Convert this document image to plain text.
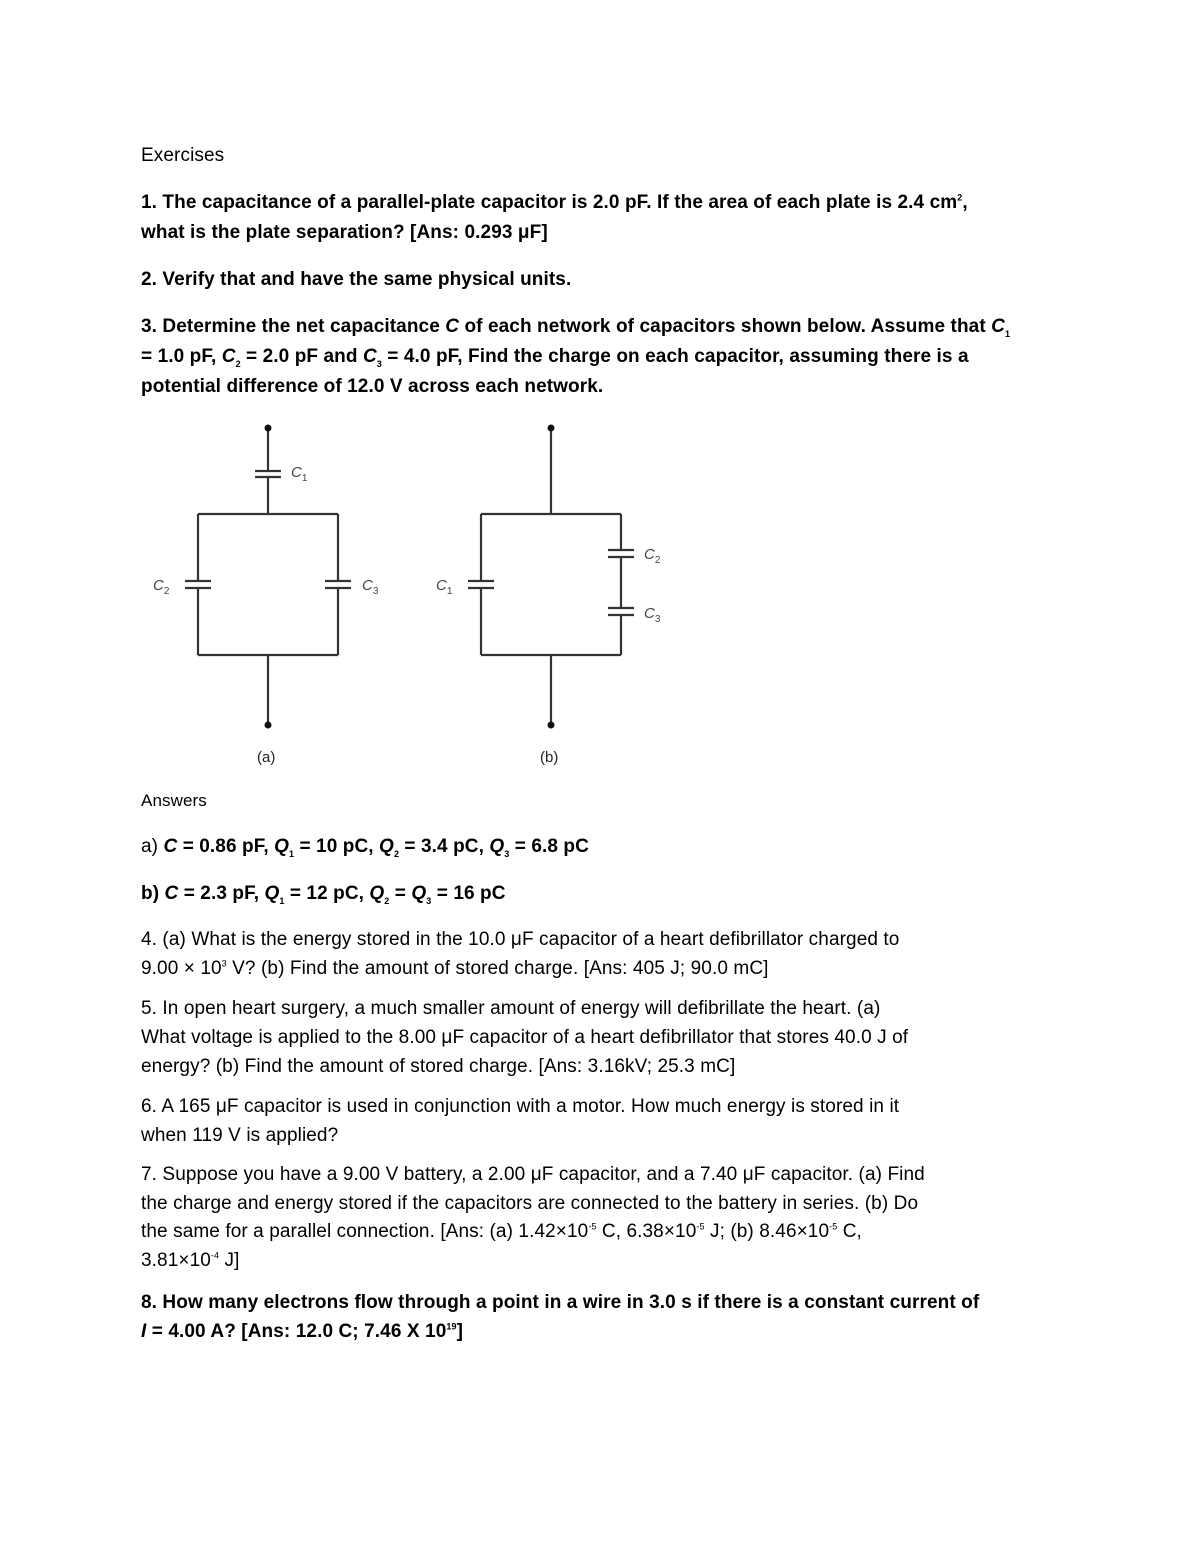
Exercises
1. The capacitance of a parallel-plate capacitor is 2.0 pF. If the area of each plate is 2.4 $cm^2$,
what is the plate separation? [Ans: 0.293 μF]
2. Verify that and have the same physical units.
3. Determine the net capacitance C of each network of capacitors shown below. Assume that $C_1$
= 1.0 pF, $C_2 = 2.0$ pF and $C_3 = 4.0$ pF, Find the charge on each capacitor, assuming there is a
potential difference of 12.0 V across each network.
$C_1$
$C_2$	$C_3$
(a)
$C_1$
$C_2$
$C_3$
(b)
Answers
a) C = 0.86 pF, $Q_1 = 10$ pC, $Q_2 = 3.4$ pC, $Q_3 = 6.8$ pC
b) C = 2.3 pF, $Q_1 = 12$ pC, $Q_2 = Q_3 = 16$ pC
4. (a) What is the energy stored in the 10.0 μF capacitor of a heart defibrillator charged to
$9.00 \times 10^3$ V? (b) Find the amount of stored charge. [Ans: 405 J; 90.0 mC]
5. In open heart surgery, a much smaller amount of energy will defibrillate the heart. (a)
What voltage is applied to the 8.00 μF capacitor of a heart defibrillator that stores 40.0 J of
energy? (b) Find the amount of stored charge. [Ans: 3.16kV; 25.3 mC]
6. A 165 μF capacitor is used in conjunction with a motor. How much energy is stored in it
when 119 V is applied?
7. Suppose you have a 9.00 V battery, a 2.00 μF capacitor, and a 7.40 μF capacitor. (a) Find
the charge and energy stored if the capacitors are connected to the battery in series. (b) Do
the same for a parallel connection. [Ans: (a) $1.42\times 10^{-5}$ C, $6.38\times 10^{-5}$ J; (b) $8.46\times 10^{-5}$ C,
$3.81\times 10^{-4}$ J]
8. How many electrons flow through a point in a wire in 3.0 s if there is a constant current of
I = 4.00 A? [Ans: 12.0 C; 7.46 X $10^{19}$]
